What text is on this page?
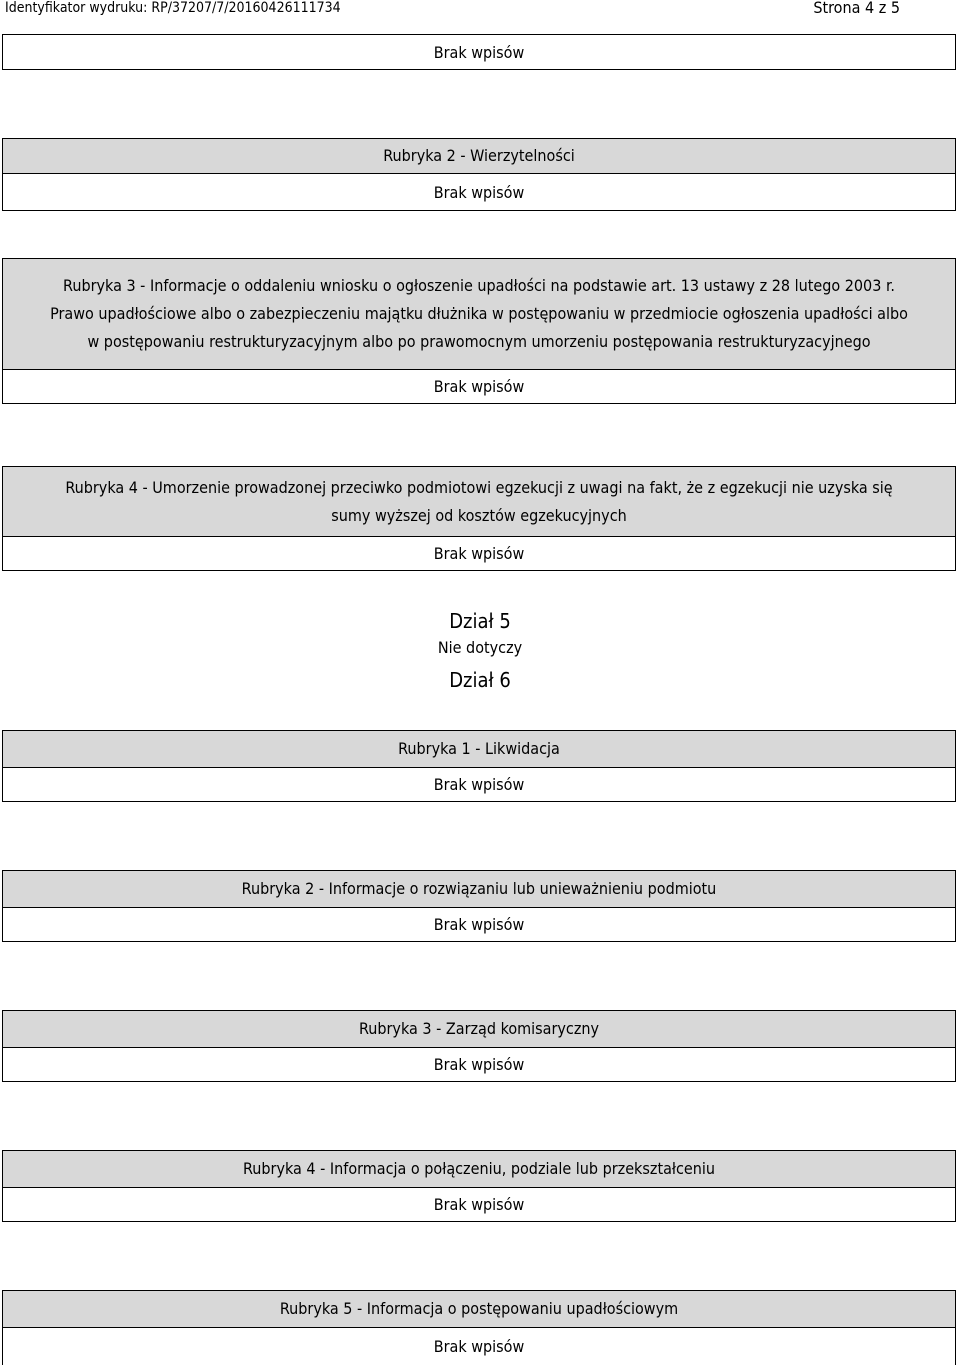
Identyfikator wydruku: RP/37207/7/20160426111734	Strona 4 z 5
Brak wpisów
Rubryka 2 - Wierzytelności
Brak wpisów
Rubryka 3 - Informacje o oddaleniu wniosku o ogłoszenie upadłości na podstawie art. 13 ustawy z 28 lutego 2003 r.
Prawo upadłościowe albo o zabezpieczeniu majątku dłużnika w postępowaniu w przedmiocie ogłoszenia upadłości albo
w postępowaniu restrukturyzacyjnym albo po prawomocnym umorzeniu postępowania restrukturyzacyjnego
Brak wpisów
Rubryka 4 - Umorzenie prowadzonej przeciwko podmiotowi egzekucji z uwagi na fakt, że z egzekucji nie uzyska się
sumy wyższej od kosztów egzekucyjnych
Brak wpisów
Dział 5
Nie dotyczy
Dział 6
Rubryka 1 - Likwidacja
Brak wpisów
Rubryka 2 - Informacje o rozwiązaniu lub unieważnieniu podmiotu
Brak wpisów
Rubryka 3 - Zarząd komisaryczny
Brak wpisów
Rubryka 4 - Informacja o połączeniu, podziale lub przekształceniu
Brak wpisów
Rubryka 5 - Informacja o postępowaniu upadłościowym
Brak wpisów
